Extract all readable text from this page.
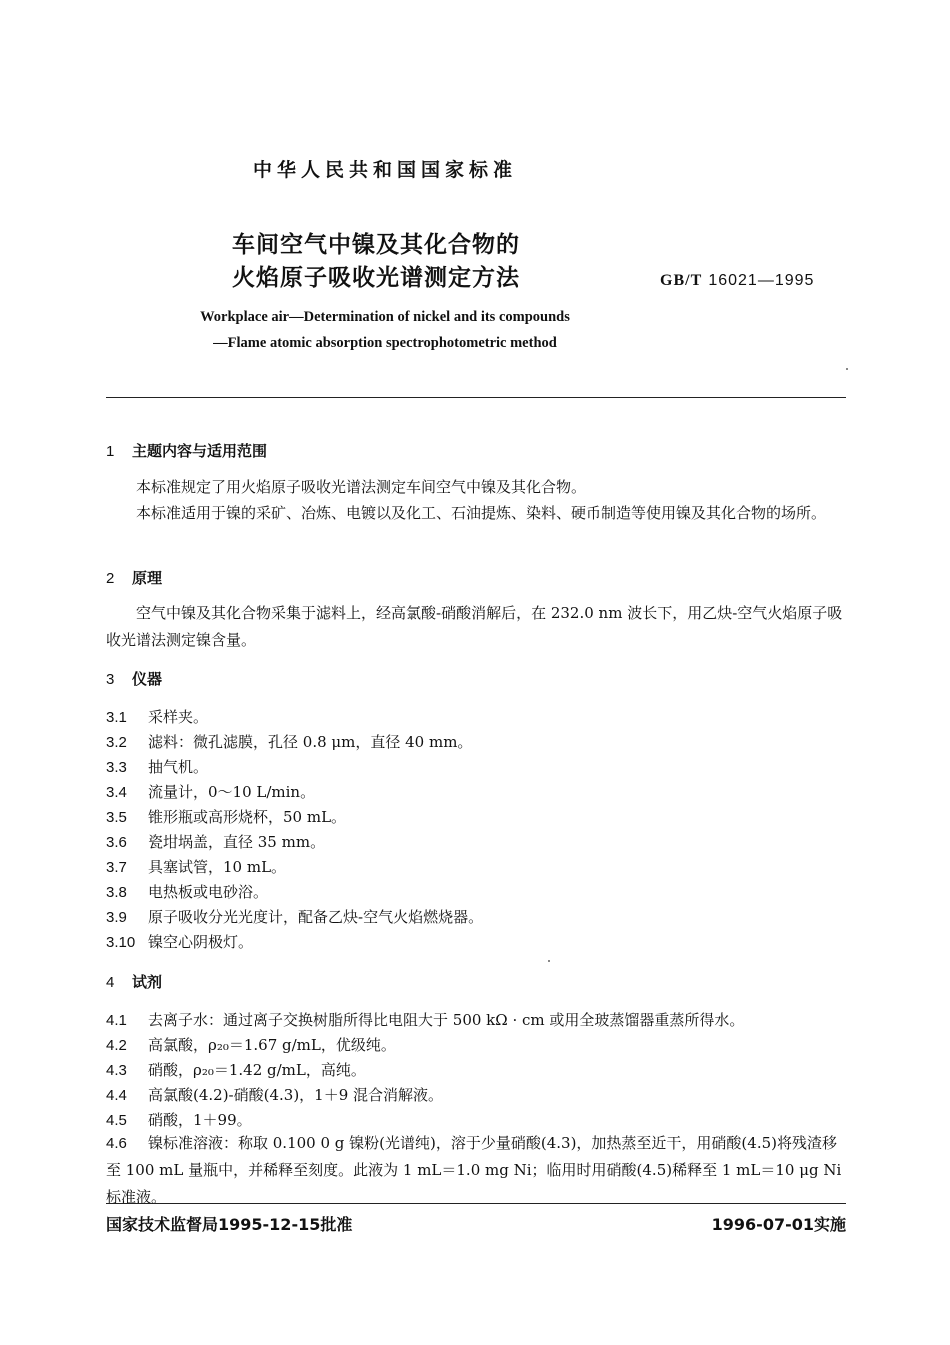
中华人民共和国国家标准
车间空气中镍及其化合物的
火焰原子吸收光谱测定方法	GB/T 16021—1995
Workplace air—Determination of nickel and its compounds
—Flame atomic absorption spectrophotometric method
1 主题内容与适用范围
本标准规定了用火焰原子吸收光谱法测定车间空气中镍及其化合物。
本标准适用于镍的采矿、冶炼、电镀以及化工、石油提炼、染料、硬币制造等使用镍及其化合物的场所。
2 原理
空气中镍及其化合物采集于滤料上，经高氯酸-硝酸消解后，在 232.0 nm 波长下，用乙炔-空气火焰原子吸收光谱法测定镍含量。
3 仪器
3.1 采样夹。
3.2 滤料：微孔滤膜，孔径 0.8 μm，直径 40 mm。
3.3 抽气机。
3.4 流量计，0～10 L/min。
3.5 锥形瓶或高形烧杯，50 mL。
3.6 瓷坩埚盖，直径 35 mm。
3.7 具塞试管，10 mL。
3.8 电热板或电砂浴。
3.9 原子吸收分光光度计，配备乙炔-空气火焰燃烧器。
3.10 镍空心阴极灯。
4 试剂
4.1 去离子水：通过离子交换树脂所得比电阻大于 500 kΩ · cm 或用全玻蒸馏器重蒸所得水。
4.2 高氯酸，ρ₂₀＝1.67 g/mL，优级纯。
4.3 硝酸，ρ₂₀＝1.42 g/mL，高纯。
4.4 高氯酸(4.2)-硝酸(4.3)，1＋9 混合消解液。
4.5 硝酸，1＋99。
4.6 镍标准溶液：称取 0.100 0 g 镍粉(光谱纯)，溶于少量硝酸(4.3)，加热蒸至近干，用硝酸(4.5)将残渣移至 100 mL 量瓶中，并稀释至刻度。此液为 1 mL＝1.0 mg Ni；临用时用硝酸(4.5)稀释至 1 mL＝10 μg Ni 标准液。
国家技术监督局1995-12-15批准	1996-07-01实施
